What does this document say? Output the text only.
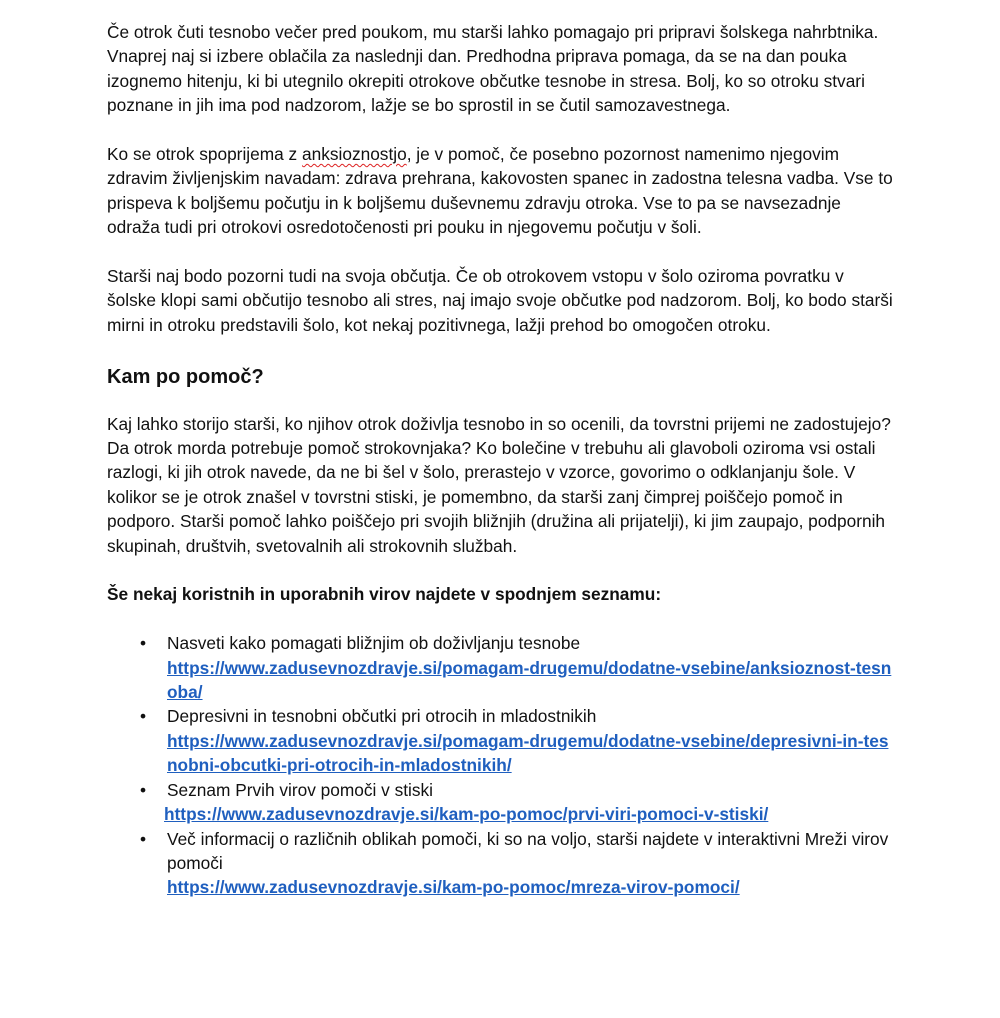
Če otrok čuti tesnobo večer pred poukom, mu starši lahko pomagajo pri pripravi šolskega nahrbtnika. Vnaprej naj si izbere oblačila za naslednji dan. Predhodna priprava pomaga, da se na dan pouka izognemo hitenju, ki bi utegnilo okrepiti otrokove občutke tesnobe in stresa. Bolj, ko so otroku stvari poznane in jih ima pod nadzorom, lažje se bo sprostil in se čutil samozavestnega.

Ko se otrok spoprijema z anksioznostjo, je v pomoč, če posebno pozornost namenimo njegovim zdravim življenjskim navadam: zdrava prehrana, kakovosten spanec in zadostna telesna vadba. Vse to prispeva k boljšemu počutju in k boljšemu duševnemu zdravju otroka. Vse to pa se navsezadnje odraža tudi pri otrokovi osredotočenosti pri pouku in njegovemu počutju v šoli.

Starši naj bodo pozorni tudi na svoja občutja. Če ob otrokovem vstopu v šolo oziroma povratku v šolske klopi sami občutijo tesnobo ali stres, naj imajo svoje občutke pod nadzorom. Bolj, ko bodo starši mirni in otroku predstavili šolo, kot nekaj pozitivnega, lažji prehod bo omogočen otroku.

Kam po pomoč?

Kaj lahko storijo starši, ko njihov otrok doživlja tesnobo in so ocenili, da tovrstni prijemi ne zadostujejo? Da otrok morda potrebuje pomoč strokovnjaka? Ko bolečine v trebuhu ali glavoboli oziroma vsi ostali razlogi, ki jih otrok navede, da ne bi šel v šolo, prerastejo v vzorce, govorimo o odklanjanju šole. V kolikor se je otrok znašel v tovrstni stiski, je pomembno, da starši zanj čimprej poiščejo pomoč in podporo. Starši pomoč lahko poiščejo pri svojih bližnjih (družina ali prijatelji), ki jim zaupajo, podpornih skupinah, društvih, svetovalnih ali strokovnih službah.

Še nekaj koristnih in uporabnih virov najdete v spodnjem seznamu:

• Nasveti kako pomagati bližnjim ob doživljanju tesnobe
https://www.zadusevnozdravje.si/pomagam-drugemu/dodatne-vsebine/anksioznost-tesnoba/
• Depresivni in tesnobni občutki pri otrocih in mladostnikih
https://www.zadusevnozdravje.si/pomagam-drugemu/dodatne-vsebine/depresivni-in-tesnobni-obcutki-pri-otrocih-in-mladostnikih/
• Seznam Prvih virov pomoči v stiski
https://www.zadusevnozdravje.si/kam-po-pomoc/prvi-viri-pomoci-v-stiski/
• Več informacij o različnih oblikah pomoči, ki so na voljo, starši najdete v interaktivni Mreži virov pomoči
https://www.zadusevnozdravje.si/kam-po-pomoc/mreza-virov-pomoci/
